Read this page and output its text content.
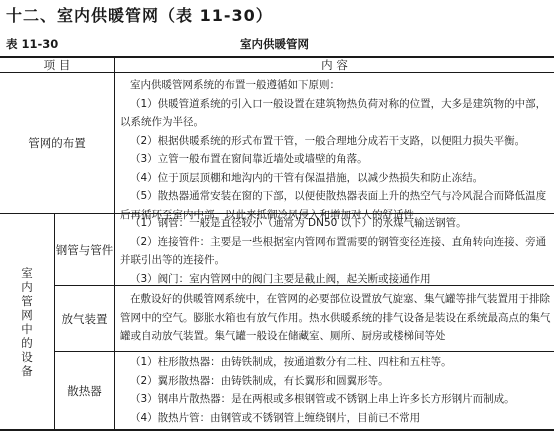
十二、室内供暖管网（表 11-30）
表 11-30	室内供暖管网
项 目	内 容
管网的布置

室内供暖管网系统的布置一般遵循如下原则：

（1）供暖管道系统的引入口一般设置在建筑物热负荷对称的位置，大多是建筑物的中部，

以系统作为半径。

（2）根据供暖系统的形式布置干管，一般合理地分成若干支路，以便阻力损失平衡。

（3）立管一般布置在窗间靠近墙处或墙壁的角落。

（4）位于顶层顶棚和地沟内的干管有保温措施，以减少热损失和防止冻结。

（5）散热器通常安装在窗的下部，以便使散热器表面上升的热空气与冷风混合而降低温度

后再循环至室内中部，以此来抵御冷风侵入和增加对人的舒适性

室
内
管
网
中
的
设
备
钢管与管件

（1）钢管：一般是直径较小（通常为 DN50 以下）的水煤气输送钢管。

（2）连接管件：主要是一些根据室内管网布置需要的钢管变径连接、直角转向连接、旁通

并联引出等的连接件。

（3）阀门：室内管网中的阀门主要是截止阀，起关断或接通作用

放气装置

在敷设好的供暖管网系统中，在管网的必要部位设置放气旋塞、集气罐等排气装置用于排除

管网中的空气。膨胀水箱也有放气作用。热水供暖系统的排气设备是装设在系统最高点的集气

罐或自动放气装置。集气罐一般设在储藏室、厕所、厨房或楼梯间等处

散热器

（1）柱形散热器：由铸铁制成，按通道数分有二柱、四柱和五柱等。

（2）翼形散热器：由铸铁制成，有长翼形和圆翼形等。

（3）钢串片散热器：是在两根或多根钢管或不锈钢上串上许多长方形钢片而制成。

（4）散热片管：由钢管或不锈钢管上缠绕钢片，目前已不常用
